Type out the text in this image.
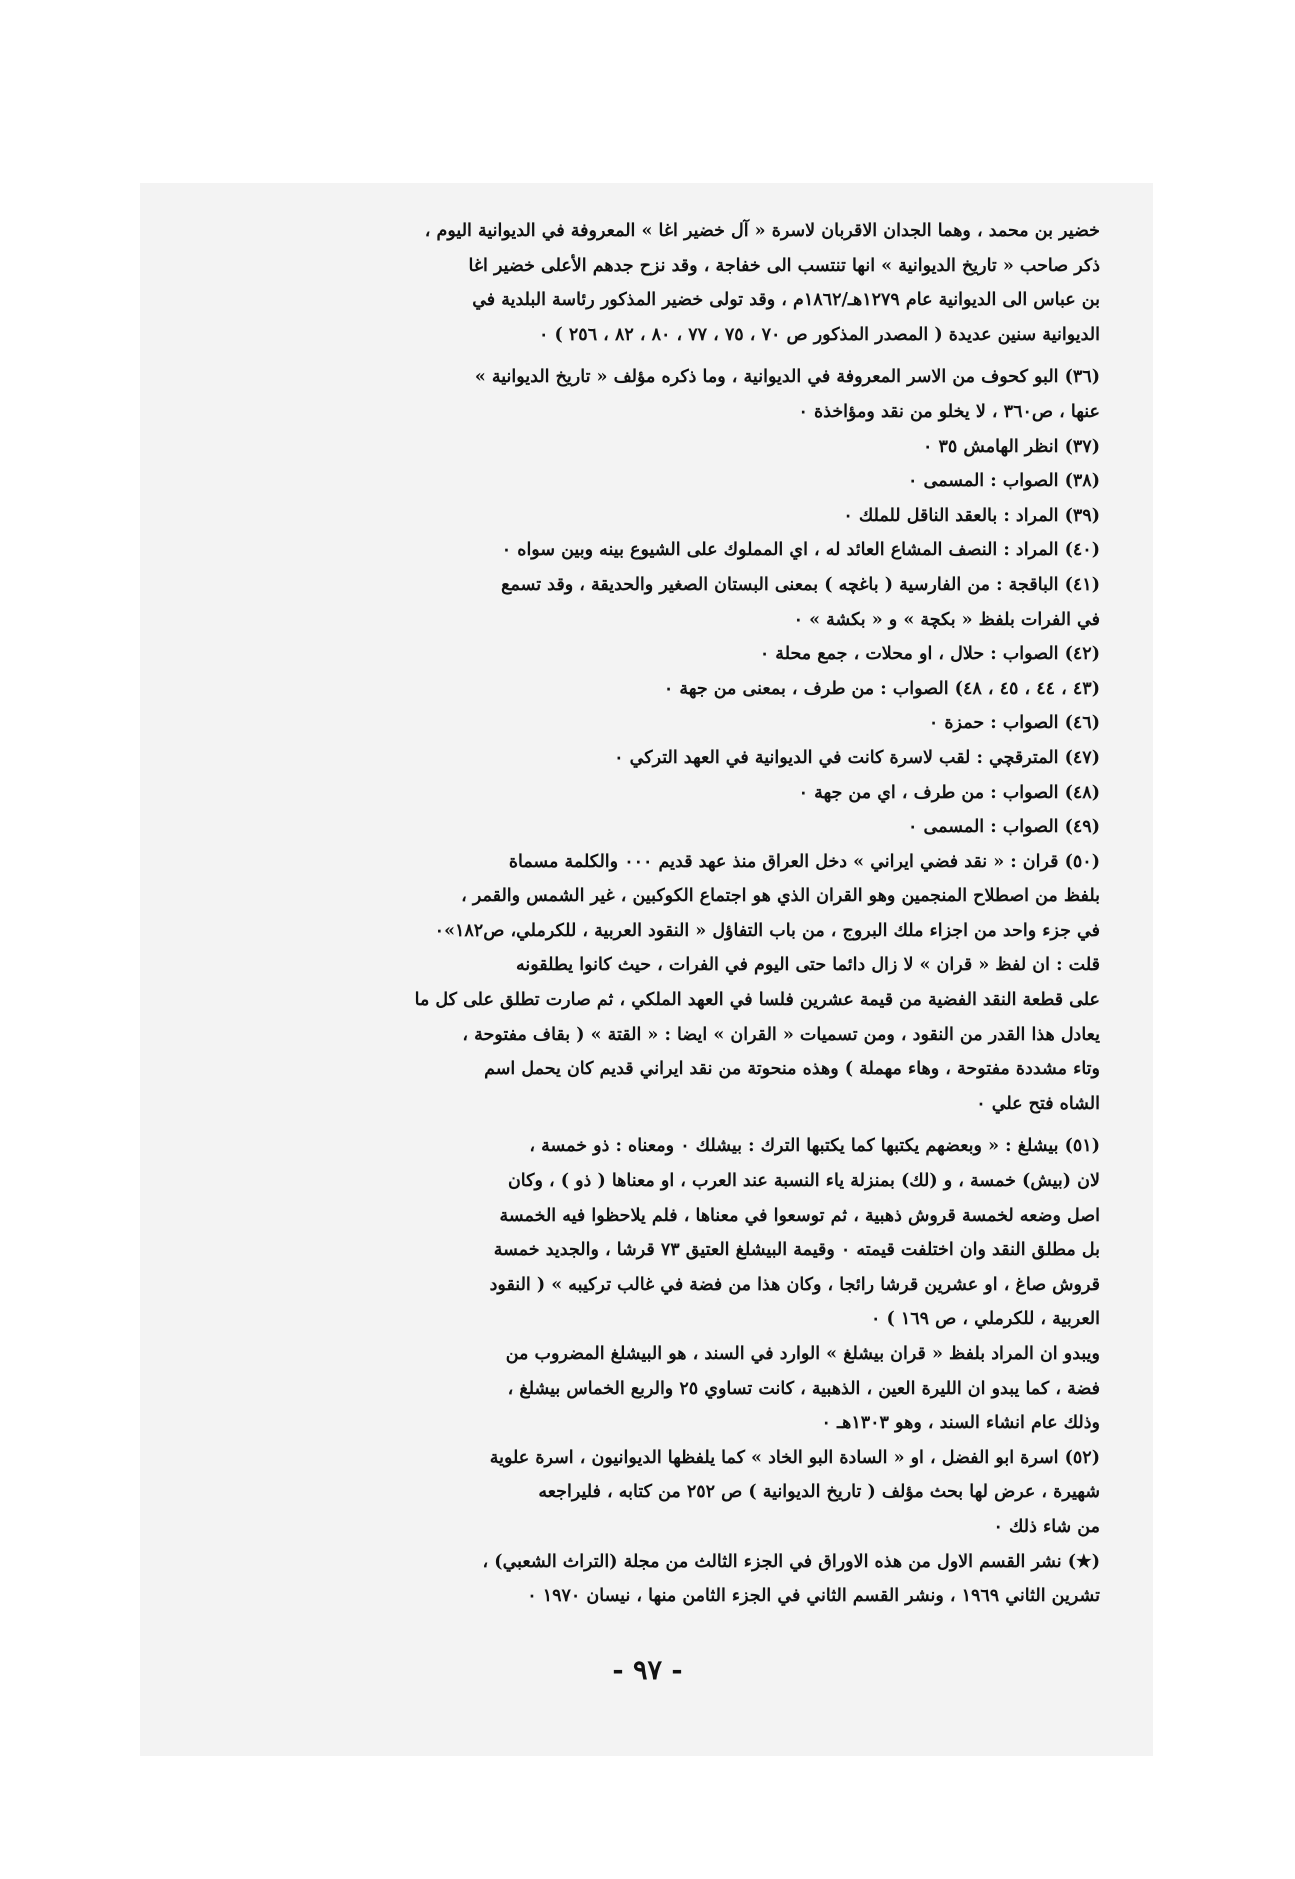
خضير بن محمد ، وهما الجدان الاقربان لاسرة « آل خضير اغا » المعروفة في الديوانية اليوم ،

ذكر صاحب « تاريخ الديوانية » انها تنتسب الى خفاجة ، وقد نزح جدهم الأعلى خضير اغا

بن عباس الى الديوانية عام ١٢٧٩هـ/١٨٦٢م ، وقد تولى خضير المذكور رئاسة البلدية في

الديوانية سنين عديدة ( المصدر المذكور ص ٧٠ ، ٧٥ ، ٧٧ ، ٨٠ ، ٨٢ ، ٢٥٦ ) ٠

(٣٦) البو كحوف من الاسر المعروفة في الديوانية ، وما ذكره مؤلف « تاريخ الديوانية »

عنها ، ص٣٦٠ ، لا يخلو من نقد ومؤاخذة ٠

(٣٧) انظر الهامش ٣٥ ٠

(٣٨) الصواب : المسمى ٠

(٣٩) المراد : بالعقد الناقل للملك ٠

(٤٠) المراد : النصف المشاع العائد له ، اي المملوك على الشيوع بينه وبين سواه ٠

(٤١) الباقجة : من الفارسية ( باغچه ) بمعنى البستان الصغير والحديقة ، وقد تسمع

في الفرات بلفظ « بكچة » و « بكشة » ٠

(٤٢) الصواب : حلال ، او محلات ، جمع محلة ٠

(٤٣ ، ٤٤ ، ٤٥ ، ٤٨) الصواب : من طرف ، بمعنى من جهة ٠

(٤٦) الصواب : حمزة ٠

(٤٧) المترقچي : لقب لاسرة كانت في الديوانية في العهد التركي ٠

(٤٨) الصواب : من طرف ، اي من جهة ٠

(٤٩) الصواب : المسمى ٠

(٥٠) قران : « نقد فضي ايراني » دخل العراق منذ عهد قديم ٠٠٠ والكلمة مسماة

بلفظ من اصطلاح المنجمين وهو القران الذي هو اجتماع الكوكبين ، غير الشمس والقمر ،

في جزء واحد من اجزاء ملك البروج ، من باب التفاؤل « النقود العربية ، للكرملي، ص١٨٢»٠

قلت : ان لفظ « قران » لا زال دائما حتى اليوم في الفرات ، حيث كانوا يطلقونه

على قطعة النقد الفضية من قيمة عشرين فلسا في العهد الملكي ، ثم صارت تطلق على كل ما

يعادل هذا القدر من النقود ، ومن تسميات « القران » ايضا : « القتة » ( بقاف مفتوحة ،

وتاء مشددة مفتوحة ، وهاء مهملة ) وهذه منحوتة من نقد ايراني قديم كان يحمل اسم

الشاه فتح علي ٠

(٥١) بيشلغ : « وبعضهم يكتبها كما يكتبها الترك : بيشلك ٠ ومعناه : ذو خمسة ،

لان (بيش) خمسة ، و (لك) بمنزلة ياء النسبة عند العرب ، او معناها ( ذو ) ، وكان

اصل وضعه لخمسة قروش ذهبية ، ثم توسعوا في معناها ، فلم يلاحظوا فيه الخمسة

بل مطلق النقد وان اختلفت قيمته ٠ وقيمة البيشلغ العتيق ٧٣ قرشا ، والجديد خمسة

قروش صاغ ، او عشرين قرشا رائجا ، وكان هذا من فضة في غالب تركيبه » ( النقود

العربية ، للكرملي ، ص ١٦٩ ) ٠

ويبدو ان المراد بلفظ « قران بيشلغ » الوارد في السند ، هو البيشلغ المضروب من

فضة ، كما يبدو ان الليرة العين ، الذهبية ، كانت تساوي ٢٥ والربع الخماس بيشلغ ،

وذلك عام انشاء السند ، وهو ١٣٠٣هـ ٠

(٥٢) اسرة ابو الفضل ، او « السادة البو الخاد » كما يلفظها الديوانيون ، اسرة علوية

شهيرة ، عرض لها بحث مؤلف ( تاريخ الديوانية ) ص ٢٥٢ من كتابه ، فليراجعه

من شاء ذلك ٠

(★) نشر القسم الاول من هذه الاوراق في الجزء الثالث من مجلة (التراث الشعبي) ،

تشرين الثاني ١٩٦٩ ، ونشر القسم الثاني في الجزء الثامن منها ، نيسان ١٩٧٠ ٠

- ٩٧ -
